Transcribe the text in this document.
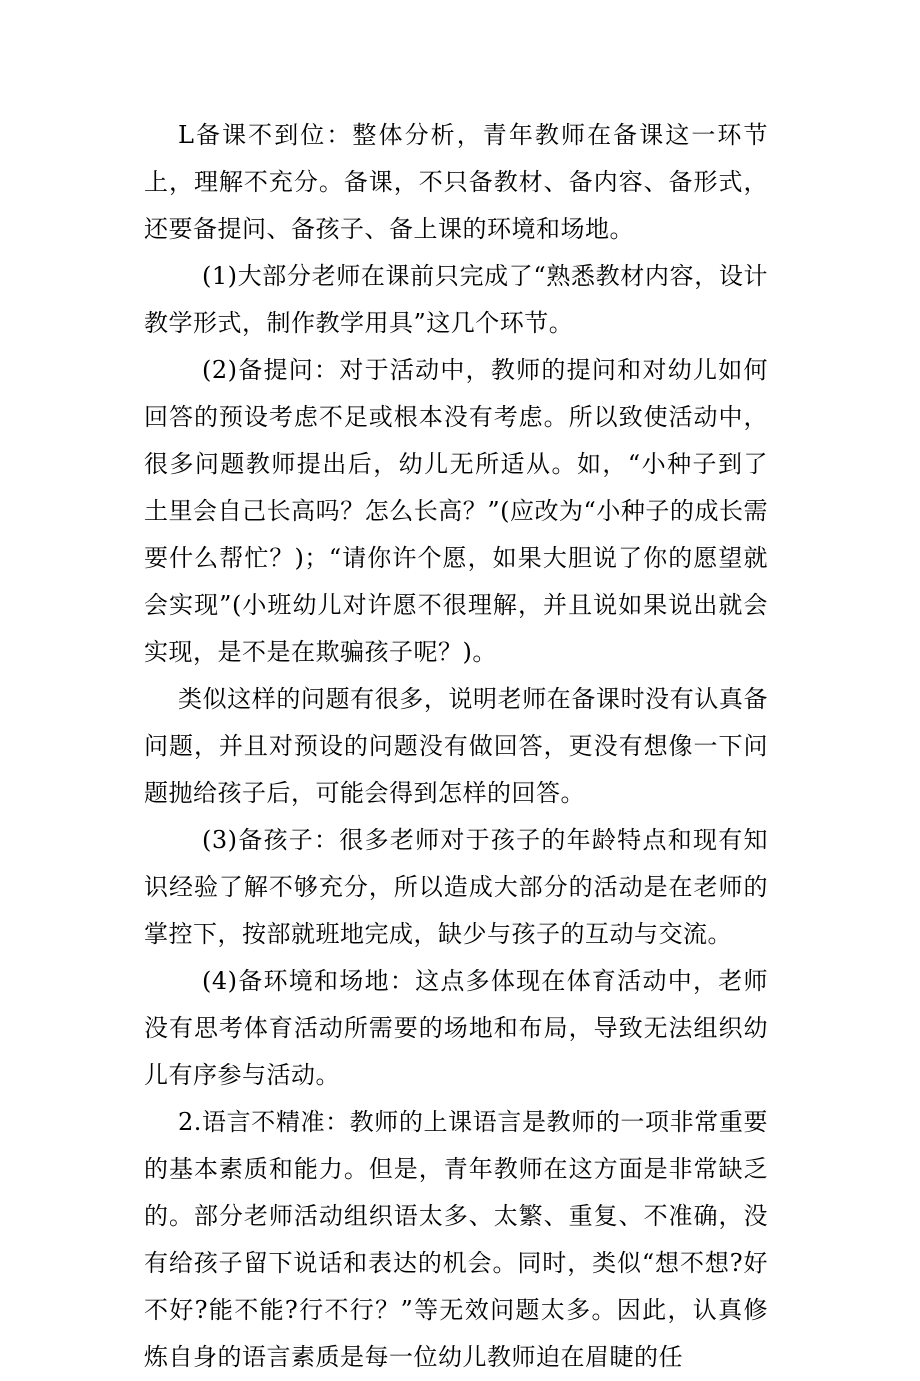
L备课不到位：整体分析，青年教师在备课这一环节上，理解不充分。备课，不只备教材、备内容、备形式，还要备提问、备孩子、备上课的环境和场地。

(1)大部分老师在课前只完成了“熟悉教材内容，设计教学形式，制作教学用具”这几个环节。

(2)备提问：对于活动中，教师的提问和对幼儿如何回答的预设考虑不足或根本没有考虑。所以致使活动中，很多问题教师提出后，幼儿无所适从。如，“小种子到了土里会自己长高吗？怎么长高？”(应改为“小种子的成长需要什么帮忙？)；“请你许个愿，如果大胆说了你的愿望就会实现”(小班幼儿对许愿不很理解，并且说如果说出就会实现，是不是在欺骗孩子呢？)。

类似这样的问题有很多，说明老师在备课时没有认真备问题，并且对预设的问题没有做回答，更没有想像一下问题抛给孩子后，可能会得到怎样的回答。

(3)备孩子：很多老师对于孩子的年龄特点和现有知识经验了解不够充分，所以造成大部分的活动是在老师的掌控下，按部就班地完成，缺少与孩子的互动与交流。

(4)备环境和场地：这点多体现在体育活动中，老师没有思考体育活动所需要的场地和布局，导致无法组织幼儿有序参与活动。

2.语言不精准：教师的上课语言是教师的一项非常重要的基本素质和能力。但是，青年教师在这方面是非常缺乏的。部分老师活动组织语太多、太繁、重复、不准确，没有给孩子留下说话和表达的机会。同时，类似“想不想?好不好?能不能?行不行？”等无效问题太多。因此，认真修炼自身的语言素质是每一位幼儿教师迫在眉睫的任
